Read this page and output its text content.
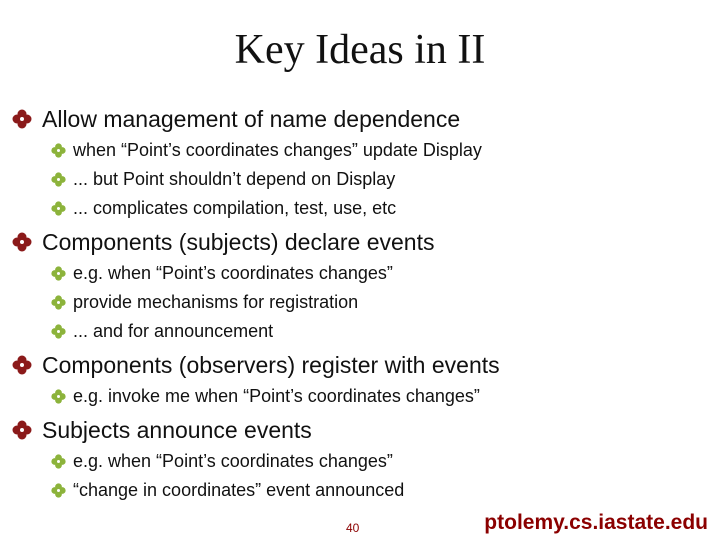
Key Ideas in II
Allow management of name dependence
when “Point’s coordinates changes” update Display
... but Point shouldn’t depend on Display
... complicates compilation, test, use, etc
Components (subjects) declare events
e.g. when “Point’s coordinates changes”
provide mechanisms for registration
... and for announcement
Components (observers) register with events
e.g. invoke me when “Point’s coordinates changes”
Subjects announce events
e.g. when “Point’s coordinates changes”
“change in coordinates” event announced
40	ptolemy.cs.iastate.edu
